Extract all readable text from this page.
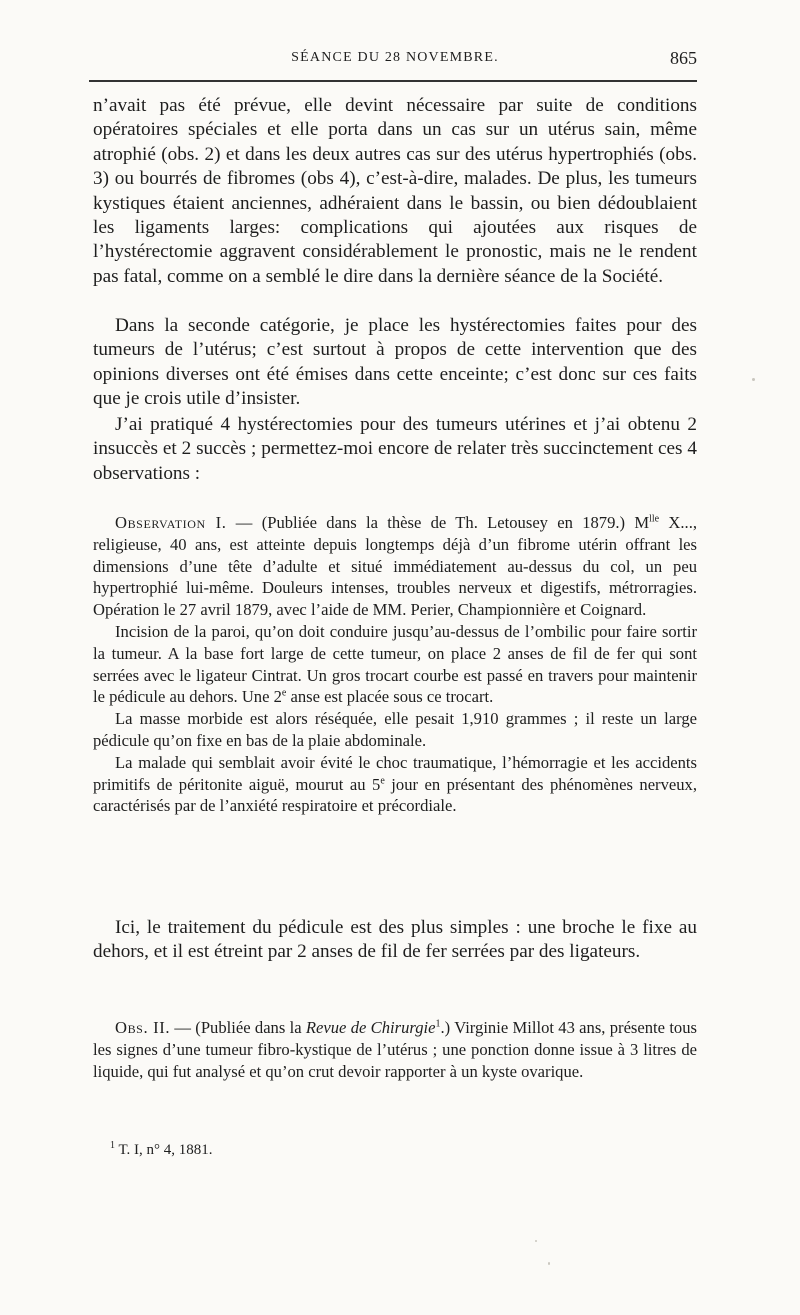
SÉANCE DU 28 NOVEMBRE.	865

n’avait pas été prévue, elle devint nécessaire par suite de conditions opératoires spéciales et elle porta dans un cas sur un utérus sain, même atrophié (obs. 2) et dans les deux autres cas sur des utérus hypertrophiés (obs. 3) ou bourrés de fibromes (obs 4), c’est-à-dire, malades. De plus, les tumeurs kystiques étaient anciennes, adhéraient dans le bassin, ou bien dédoublaient les ligaments larges: complications qui ajoutées aux risques de l’hystérectomie aggravent considérablement le pronostic, mais ne le rendent pas fatal, comme on a semblé le dire dans la dernière séance de la Société.

Dans la seconde catégorie, je place les hystérectomies faites pour des tumeurs de l’utérus; c’est surtout à propos de cette intervention que des opinions diverses ont été émises dans cette enceinte; c’est donc sur ces faits que je crois utile d’insister.

J’ai pratiqué 4 hystérectomies pour des tumeurs utérines et j’ai obtenu 2 insuccès et 2 succès ; permettez-moi encore de relater très succinctement ces 4 observations :

Observation I. — (Publiée dans la thèse de Th. Letousey en 1879.) $M^{lle}$ X..., religieuse, 40 ans, est atteinte depuis longtemps déjà d’un fibrome utérin offrant les dimensions d’une tête d’adulte et situé immédiatement au-dessus du col, un peu hypertrophié lui-même. Douleurs intenses, troubles nerveux et digestifs, métrorragies. Opération le 27 avril 1879, avec l’aide de MM. Perier, Championnière et Coignard.

Incision de la paroi, qu’on doit conduire jusqu’au-dessus de l’ombilic pour faire sortir la tumeur. A la base fort large de cette tumeur, on place 2 anses de fil de fer qui sont serrées avec le ligateur Cintrat. Un gros trocart courbe est passé en travers pour maintenir le pédicule au dehors. Une 2e anse est placée sous ce trocart.

La masse morbide est alors réséquée, elle pesait 1,910 grammes ; il reste un large pédicule qu’on fixe en bas de la plaie abdominale.

La malade qui semblait avoir évité le choc traumatique, l’hémorragie et les accidents primitifs de péritonite aiguë, mourut au 5e jour en présentant des phénomènes nerveux, caractérisés par de l’anxiété respiratoire et précordiale.

Ici, le traitement du pédicule est des plus simples : une broche le fixe au dehors, et il est étreint par 2 anses de fil de fer serrées par des ligateurs.

Obs. II. — (Publiée dans la Revue de Chirurgie$^1$.) Virginie Millot 43 ans, présente tous les signes d’une tumeur fibro-kystique de l’utérus ; une ponction donne issue à 3 litres de liquide, qui fut analysé et qu’on crut devoir rapporter à un kyste ovarique.

$^1$ T. I, n° 4, 1881.
